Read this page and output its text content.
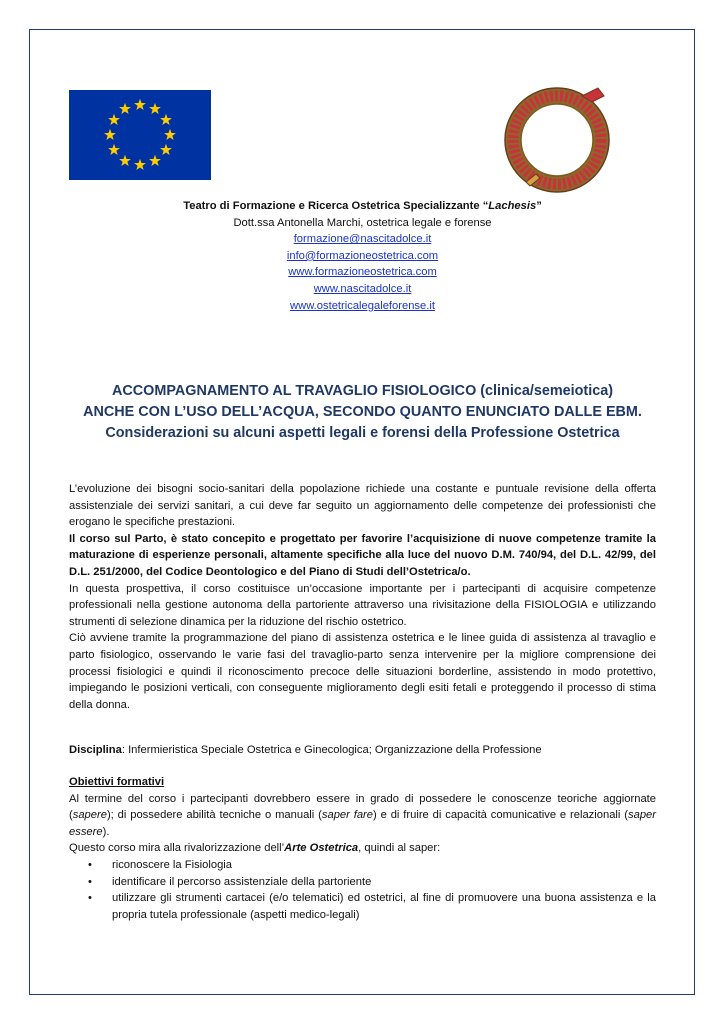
Teatro di Formazione e Ricerca Ostetrica Specializzante “Lachesis”
Dott.ssa Antonella Marchi, ostetrica legale e forense
formazione@nascitadolce.it
info@formazioneostetrica.com
www.formazioneostetrica.com
www.nascitadolce.it
www.ostetricalegaleforense.it
ACCOMPAGNAMENTO AL TRAVAGLIO FISIOLOGICO (clinica/semeiotica)
ANCHE CON L’USO DELL’ACQUA, SECONDO QUANTO ENUNCIATO DALLE EBM.
Considerazioni su alcuni aspetti legali e forensi della Professione Ostetrica

L’evoluzione dei bisogni socio-sanitari della popolazione richiede una costante e puntuale revisione della offerta assistenziale dei servizi sanitari, a cui deve far seguito un aggiornamento delle competenze dei professionisti che erogano le specifiche prestazioni.

Il corso sul Parto, è stato concepito e progettato per favorire l’acquisizione di nuove competenze tramite la maturazione di esperienze personali, altamente specifiche alla luce del nuovo D.M. 740/94, del D.L. 42/99, del D.L. 251/2000, del Codice Deontologico e del Piano di Studi dell’Ostetrica/o.

In questa prospettiva, il corso costituisce un’occasione importante per i partecipanti di acquisire competenze professionali nella gestione autonoma della partoriente attraverso una rivisitazione della FISIOLOGIA e utilizzando strumenti di selezione dinamica per la riduzione del rischio ostetrico.

Ciò avviene tramite la programmazione del piano di assistenza ostetrica e le linee guida di assistenza al travaglio e parto fisiologico, osservando le varie fasi del travaglio-parto senza intervenire per la migliore comprensione dei processi fisiologici e quindi il riconoscimento precoce delle situazioni borderline, assistendo in modo protettivo, impiegando le posizioni verticali, con conseguente miglioramento degli esiti fetali e proteggendo il processo di stima della donna.

Disciplina: Infermieristica Speciale Ostetrica e Ginecologica; Organizzazione della Professione

Obiettivi formativi

Al termine del corso i partecipanti dovrebbero essere in grado di possedere le conoscenze teoriche aggiornate (sapere); di possedere abilità tecniche o manuali (saper fare) e di fruire di capacità comunicative e relazionali (saper essere).

Questo corso mira alla rivalorizzazione dell’Arte Ostetrica, quindi al saper:

• riconoscere la Fisiologia
• identificare il percorso assistenziale della partoriente
• utilizzare gli strumenti cartacei (e/o telematici) ed ostetrici, al fine di promuovere una buona assistenza e la propria tutela professionale (aspetti medico-legali)
